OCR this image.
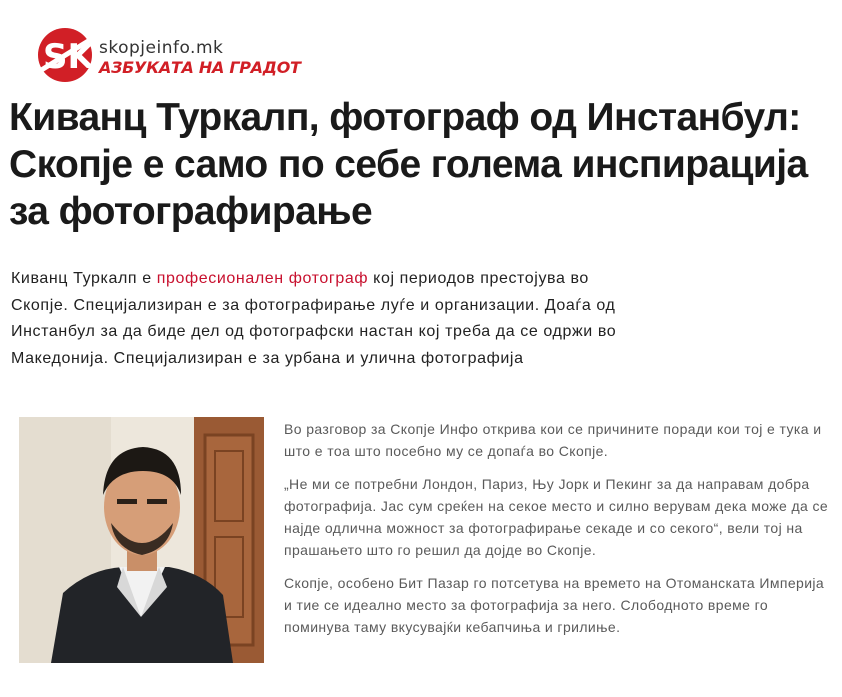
SK skopjeinfo.mk
АЗБУКАТА НА ГРАДОТ
Киванц Туркалп, фотограф од Инстанбул: Скопје е само по себе голема инспирација за фотографирање

Киванц Туркалп е професионален фотограф кој периодов престојува во Скопје. Специјализиран е за фотографирање луѓе и организации. Доаѓа од Инстанбул за да биде дел од фотографски настан кој треба да се одржи во Македонија. Специјализиран е за урбана и улична фотографија

Во разговор за Скопје Инфо открива кои се причините поради кои тој е тука и што е тоа што посебно му се допаѓа во Скопје.

„Не ми се потребни Лондон, Париз, Њу Јорк и Пекинг за да направам добра фотографија. Јас сум среќен на секое место и силно верувам дека може да се најде одлична можност за фотографирање секаде и со секого“, вели тој на прашањето што го решил да дојде во Скопје.

Скопје, особено Бит Пазар го потсетува на времето на Отоманската Империја и тие се идеално место за фотографија за него. Слободното време го поминува таму вкусувајќи кебапчиња и грилиње.
